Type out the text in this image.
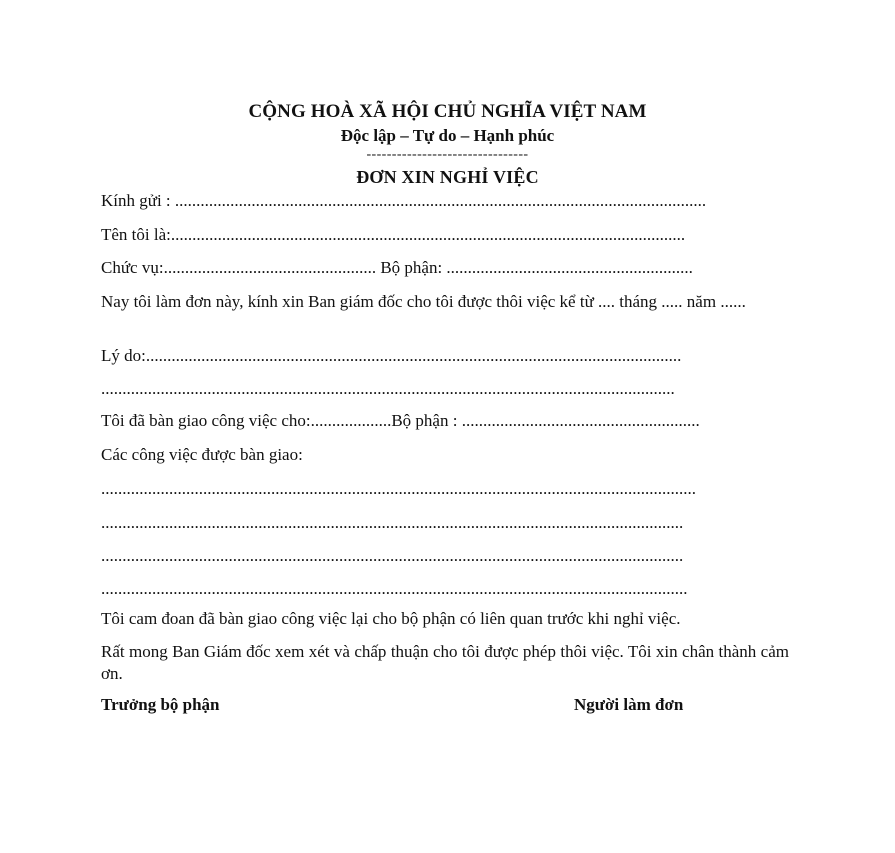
CỘNG HOÀ XÃ HỘI CHỦ NGHĨA VIỆT NAM
Độc lập – Tự do – Hạnh phúc
--------------------------------
ĐƠN XIN NGHỈ VIỆC

Kính gửi : .............................................................................................................................

Tên tôi là:.........................................................................................................................

Chức vụ:.................................................. Bộ phận: ..........................................................

Nay tôi làm đơn này, kính xin Ban giám đốc cho tôi được thôi việc kể từ .... tháng ..... năm ......

Lý do:..............................................................................................................................

.......................................................................................................................................

Tôi đã bàn giao công việc cho:...................Bộ phận : ........................................................

Các công việc được bàn giao:

............................................................................................................................................

.........................................................................................................................................

.........................................................................................................................................

..........................................................................................................................................

Tôi cam đoan đã bàn giao công việc lại cho bộ phận có liên quan trước khi nghỉ việc.

Rất mong Ban Giám đốc xem xét và chấp thuận cho tôi được phép thôi việc. Tôi xin chân thành cảm ơn.

Trưởng bộ phận	Người làm đơn
